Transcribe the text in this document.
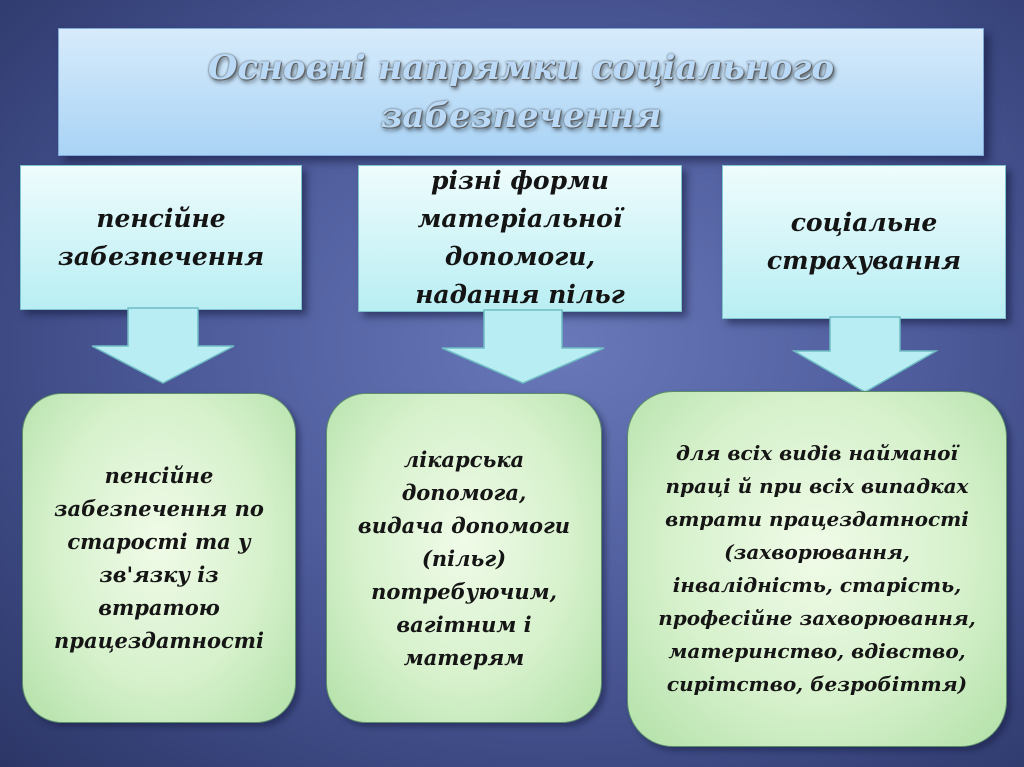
Основні напрямки соціального забезпечення
пенсійне забезпечення
різні форми матеріальної допомоги, надання пільг
соціальне страхування
пенсійне забезпечення по старості та у зв'язку із втратою працездатності
лікарська допомога, видача допомоги (пільг) потребуючим, вагітним і матерям
для всіх видів найманої праці й при всіх випадках втрати працездатності (захворювання, інвалідність, старість, професійне захворювання, материнство, вдівство, сирітство, безробіття)
